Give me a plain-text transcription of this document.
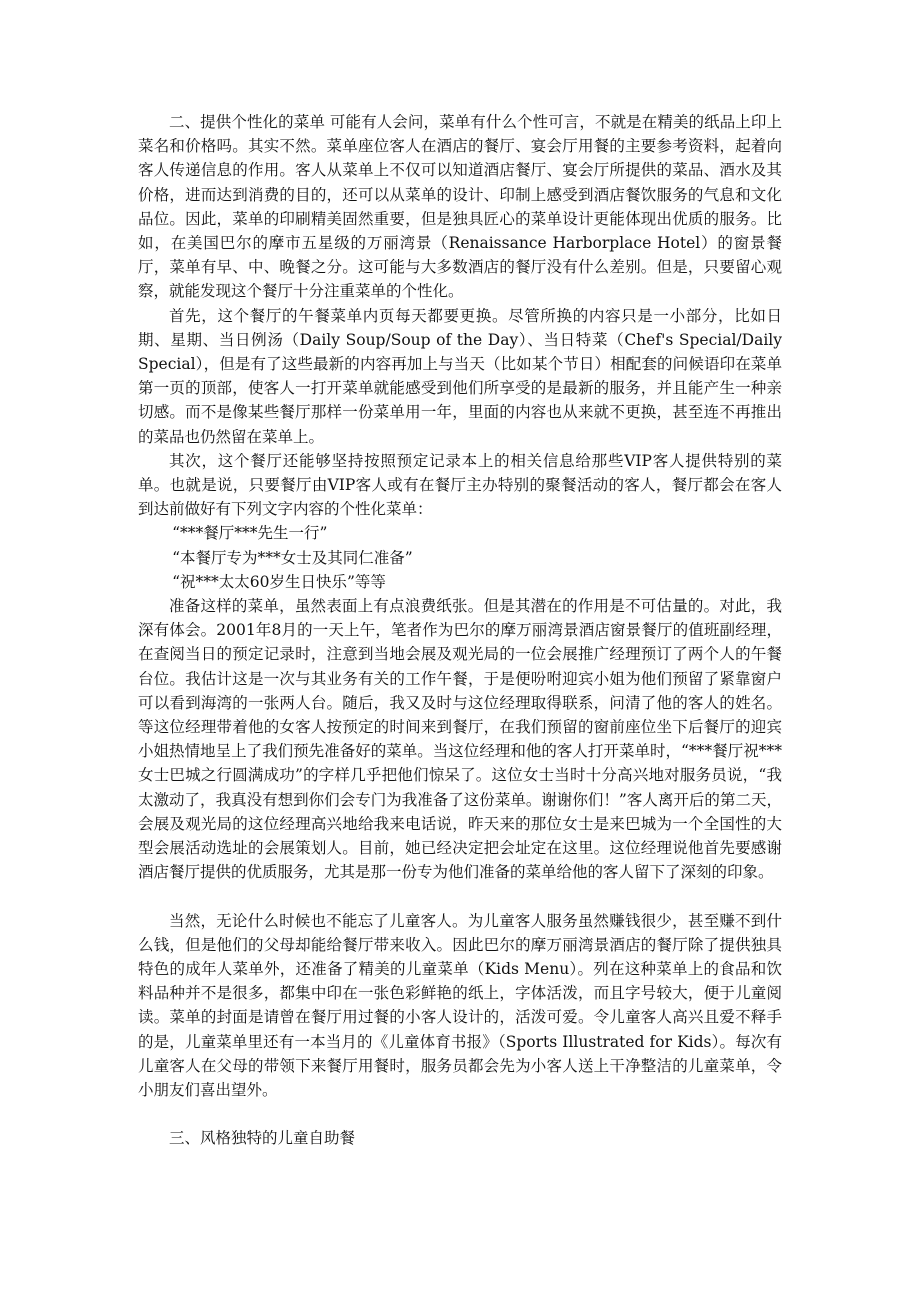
二、提供个性化的菜单 可能有人会问，菜单有什么个性可言，不就是在精美的纸品上印上菜名和价格吗。其实不然。菜单座位客人在酒店的餐厅、宴会厅用餐的主要参考资料，起着向客人传递信息的作用。客人从菜单上不仅可以知道酒店餐厅、宴会厅所提供的菜品、酒水及其价格，进而达到消费的目的，还可以从菜单的设计、印制上感受到酒店餐饮服务的气息和文化品位。因此，菜单的印刷精美固然重要，但是独具匠心的菜单设计更能体现出优质的服务。比如，在美国巴尔的摩市五星级的万丽湾景（Renaissance Harborplace Hotel）的窗景餐厅，菜单有早、中、晚餐之分。这可能与大多数酒店的餐厅没有什么差别。但是，只要留心观察，就能发现这个餐厅十分注重菜单的个性化。

首先，这个餐厅的午餐菜单内页每天都要更换。尽管所换的内容只是一小部分，比如日期、星期、当日例汤（Daily Soup/Soup of the Day）、当日特菜（Chef's Special/Daily Special），但是有了这些最新的内容再加上与当天（比如某个节日）相配套的问候语印在菜单第一页的顶部，使客人一打开菜单就能感受到他们所享受的是最新的服务，并且能产生一种亲切感。而不是像某些餐厅那样一份菜单用一年，里面的内容也从来就不更换，甚至连不再推出的菜品也仍然留在菜单上。

其次，这个餐厅还能够坚持按照预定记录本上的相关信息给那些VIP客人提供特别的菜单。也就是说，只要餐厅由VIP客人或有在餐厅主办特别的聚餐活动的客人，餐厅都会在客人到达前做好有下列文字内容的个性化菜单：

“***餐厅***先生一行”

“本餐厅专为***女士及其同仁准备”

“祝***太太60岁生日快乐”等等

准备这样的菜单，虽然表面上有点浪费纸张。但是其潜在的作用是不可估量的。对此，我深有体会。2001年8月的一天上午，笔者作为巴尔的摩万丽湾景酒店窗景餐厅的值班副经理，在查阅当日的预定记录时，注意到当地会展及观光局的一位会展推广经理预订了两个人的午餐台位。我估计这是一次与其业务有关的工作午餐，于是便吩咐迎宾小姐为他们预留了紧靠窗户可以看到海湾的一张两人台。随后，我又及时与这位经理取得联系，问清了他的客人的姓名。等这位经理带着他的女客人按预定的时间来到餐厅，在我们预留的窗前座位坐下后餐厅的迎宾小姐热情地呈上了我们预先准备好的菜单。当这位经理和他的客人打开菜单时，“***餐厅祝***女士巴城之行圆满成功”的字样几乎把他们惊呆了。这位女士当时十分高兴地对服务员说，“我太激动了，我真没有想到你们会专门为我准备了这份菜单。谢谢你们！”客人离开后的第二天，会展及观光局的这位经理高兴地给我来电话说，昨天来的那位女士是来巴城为一个全国性的大型会展活动选址的会展策划人。目前，她已经决定把会址定在这里。这位经理说他首先要感谢酒店餐厅提供的优质服务，尤其是那一份专为他们准备的菜单给他的客人留下了深刻的印象。

当然，无论什么时候也不能忘了儿童客人。为儿童客人服务虽然赚钱很少，甚至赚不到什么钱，但是他们的父母却能给餐厅带来收入。因此巴尔的摩万丽湾景酒店的餐厅除了提供独具特色的成年人菜单外，还准备了精美的儿童菜单（Kids Menu）。列在这种菜单上的食品和饮料品种并不是很多，都集中印在一张色彩鲜艳的纸上，字体活泼，而且字号较大，便于儿童阅读。菜单的封面是请曾在餐厅用过餐的小客人设计的，活泼可爱。令儿童客人高兴且爱不释手的是，儿童菜单里还有一本当月的《儿童体育书报》（Sports Illustrated for Kids）。每次有儿童客人在父母的带领下来餐厅用餐时，服务员都会先为小客人送上干净整洁的儿童菜单，令小朋友们喜出望外。

三、风格独特的儿童自助餐
